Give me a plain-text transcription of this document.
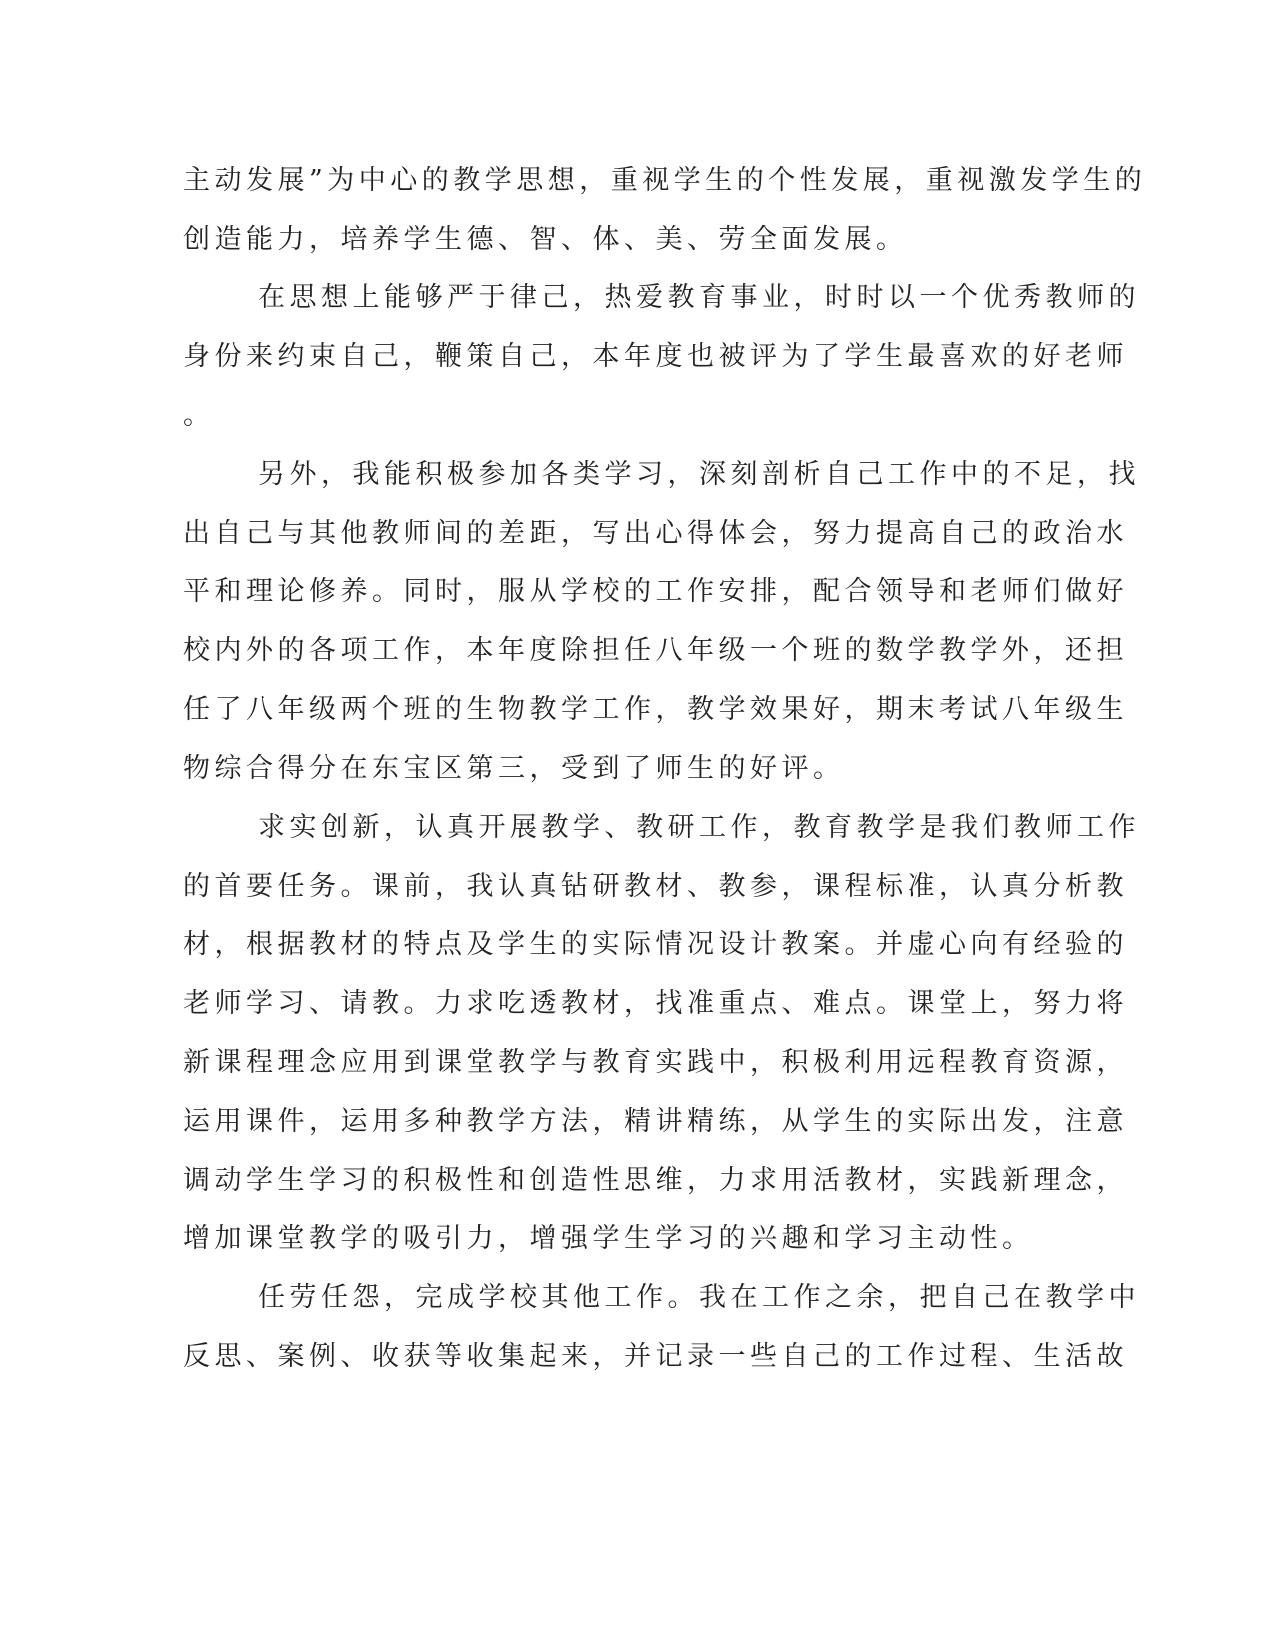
主动发展”为中心的教学思想，重视学生的个性发展，重视激发学生的
创造能力，培养学生德、智、体、美、劳全面发展。
在思想上能够严于律己，热爱教育事业，时时以一个优秀教师的
身份来约束自己，鞭策自己，本年度也被评为了学生最喜欢的好老师
。
另外，我能积极参加各类学习，深刻剖析自己工作中的不足，找
出自己与其他教师间的差距，写出心得体会，努力提高自己的政治水
平和理论修养。同时，服从学校的工作安排，配合领导和老师们做好
校内外的各项工作，本年度除担任八年级一个班的数学教学外，还担
任了八年级两个班的生物教学工作，教学效果好，期末考试八年级生
物综合得分在东宝区第三，受到了师生的好评。
求实创新，认真开展教学、教研工作，教育教学是我们教师工作
的首要任务。课前，我认真钻研教材、教参，课程标准，认真分析教
材，根据教材的特点及学生的实际情况设计教案。并虚心向有经验的
老师学习、请教。力求吃透教材，找准重点、难点。课堂上，努力将
新课程理念应用到课堂教学与教育实践中，积极利用远程教育资源，
运用课件，运用多种教学方法，精讲精练，从学生的实际出发，注意
调动学生学习的积极性和创造性思维，力求用活教材，实践新理念，
增加课堂教学的吸引力，增强学生学习的兴趣和学习主动性。
任劳任怨，完成学校其他工作。我在工作之余，把自己在教学中
反思、案例、收获等收集起来，并记录一些自己的工作过程、生活故
